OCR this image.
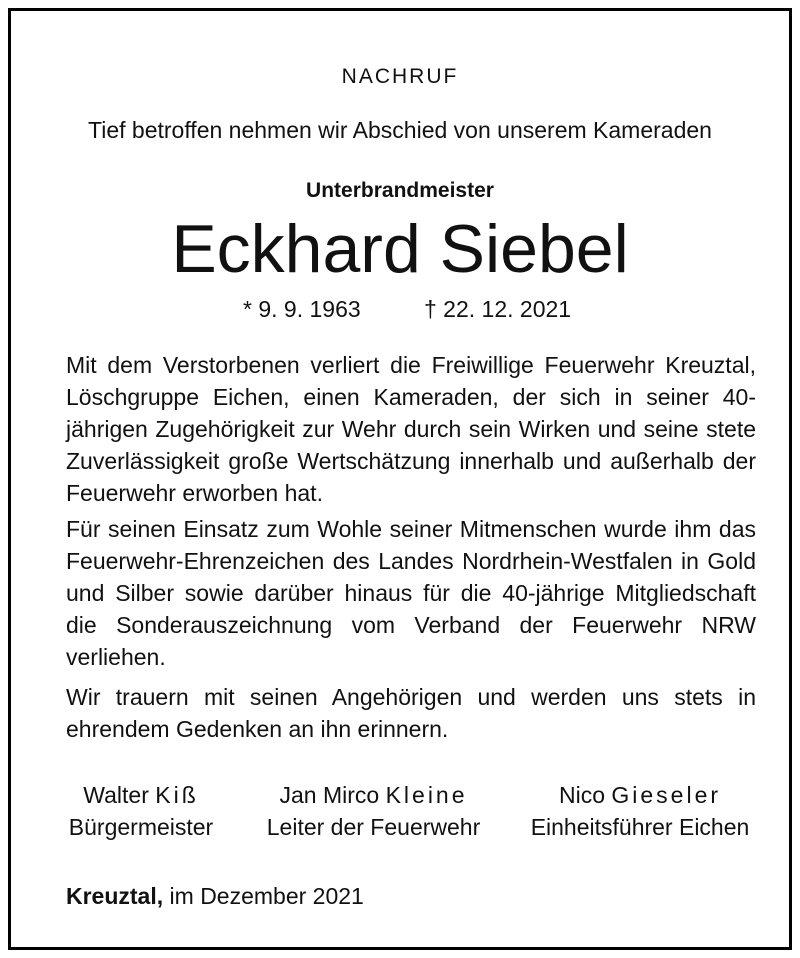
NACHRUF
Tief betroffen nehmen wir Abschied von unserem Kameraden
Unterbrandmeister
Eckhard Siebel
* 9. 9. 1963	† 22. 12. 2021

Mit dem Verstorbenen verliert die Freiwillige Feuerwehr Kreuztal, Löschgruppe Eichen, einen Kameraden, der sich in seiner 40-jährigen Zugehörigkeit zur Wehr durch sein Wirken und seine stete Zuverlässigkeit große Wertschätzung innerhalb und außerhalb der Feuerwehr erworben hat.

Für seinen Einsatz zum Wohle seiner Mitmenschen wurde ihm das Feuerwehr-Ehrenzeichen des Landes Nordrhein-Westfalen in Gold und Silber sowie darüber hinaus für die 40-jährige Mitgliedschaft die Sonderauszeichnung vom Verband der Feuerwehr NRW verliehen.

Wir trauern mit seinen Angehörigen und werden uns stets in ehrendem Gedenken an ihn erinnern.

Walter Kiß
Bürgermeister
Jan Mirco Kleine
Leiter der Feuerwehr
Nico Gieseler
Einheitsführer Eichen
Kreuztal, im Dezember 2021
